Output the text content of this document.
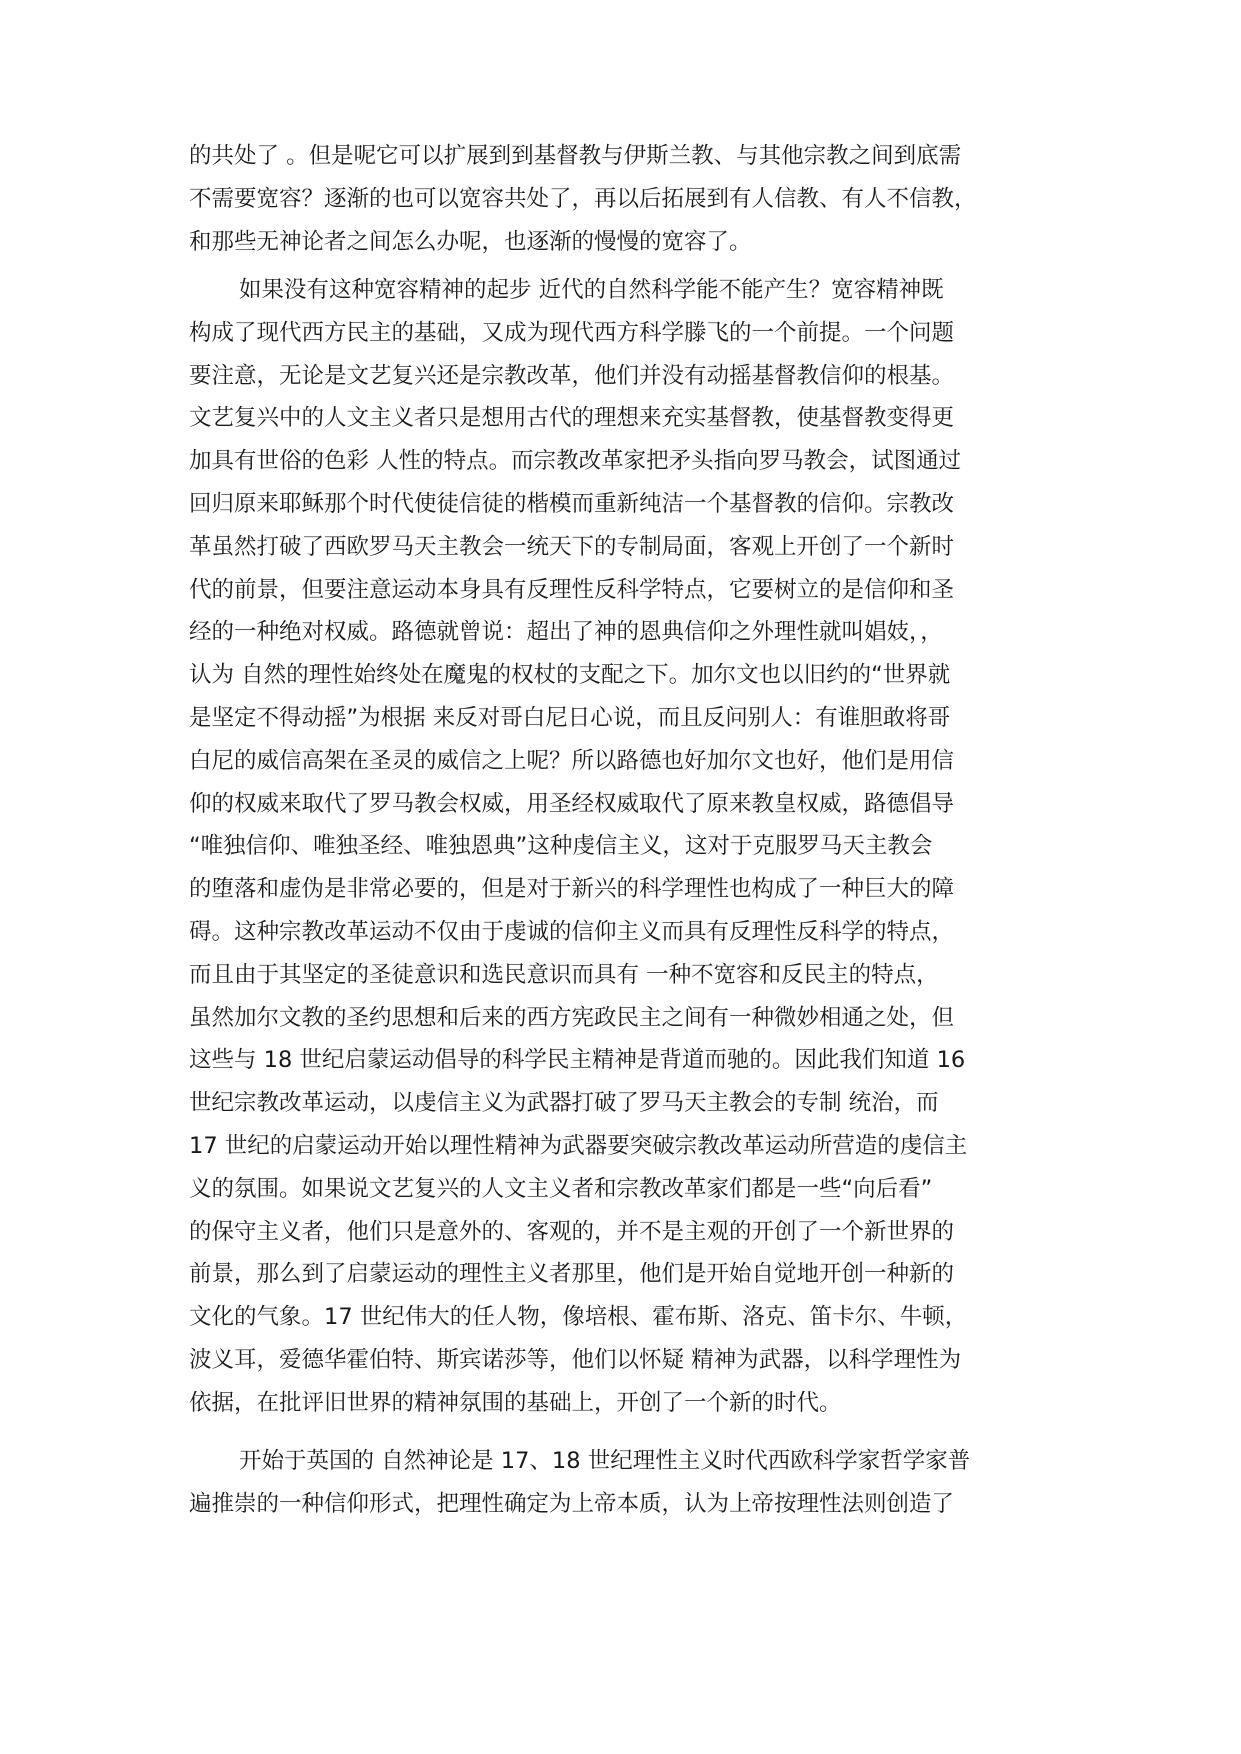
的共处了 。但是呢它可以扩展到到基督教与伊斯兰教、与其他宗教之间到底需
不需要宽容？逐渐的也可以宽容共处了，再以后拓展到有人信教、有人不信教，
和那些无神论者之间怎么办呢，也逐渐的慢慢的宽容了。
如果没有这种宽容精神的起步 近代的自然科学能不能产生？宽容精神既
构成了现代西方民主的基础，又成为现代西方科学滕飞的一个前提。一个问题
要注意，无论是文艺复兴还是宗教改革，他们并没有动摇基督教信仰的根基。
文艺复兴中的人文主义者只是想用古代的理想来充实基督教，使基督教变得更
加具有世俗的色彩 人性的特点。而宗教改革家把矛头指向罗马教会，试图通过
回归原来耶稣那个时代使徒信徒的楷模而重新纯洁一个基督教的信仰。宗教改
革虽然打破了西欧罗马天主教会一统天下的专制局面，客观上开创了一个新时
代的前景，但要注意运动本身具有反理性反科学特点，它要树立的是信仰和圣
经的一种绝对权威。路德就曾说：超出了神的恩典信仰之外理性就叫娼妓，，
认为 自然的理性始终处在魔鬼的权杖的支配之下。加尔文也以旧约的“世界就
是坚定不得动摇”为根据 来反对哥白尼日心说，而且反问别人：有谁胆敢将哥
白尼的威信高架在圣灵的威信之上呢？所以路德也好加尔文也好，他们是用信
仰的权威来取代了罗马教会权威，用圣经权威取代了原来教皇权威，路德倡导
“唯独信仰、唯独圣经、唯独恩典”这种虔信主义，这对于克服罗马天主教会
的堕落和虚伪是非常必要的，但是对于新兴的科学理性也构成了一种巨大的障
碍。这种宗教改革运动不仅由于虔诚的信仰主义而具有反理性反科学的特点，
而且由于其坚定的圣徒意识和选民意识而具有 一种不宽容和反民主的特点，
虽然加尔文教的圣约思想和后来的西方宪政民主之间有一种微妙相通之处，但
这些与 18 世纪启蒙运动倡导的科学民主精神是背道而驰的。因此我们知道 16
世纪宗教改革运动，以虔信主义为武器打破了罗马天主教会的专制 统治，而
17 世纪的启蒙运动开始以理性精神为武器要突破宗教改革运动所营造的虔信主
义的氛围。如果说文艺复兴的人文主义者和宗教改革家们都是一些“向后看”
的保守主义者，他们只是意外的、客观的，并不是主观的开创了一个新世界的
前景，那么到了启蒙运动的理性主义者那里，他们是开始自觉地开创一种新的
文化的气象。17 世纪伟大的任人物，像培根、霍布斯、洛克、笛卡尔、牛顿，
波义耳，爱德华霍伯特、斯宾诺莎等，他们以怀疑 精神为武器，以科学理性为
依据，在批评旧世界的精神氛围的基础上，开创了一个新的时代。
开始于英国的 自然神论是 17、18 世纪理性主义时代西欧科学家哲学家普
遍推崇的一种信仰形式，把理性确定为上帝本质，认为上帝按理性法则创造了
